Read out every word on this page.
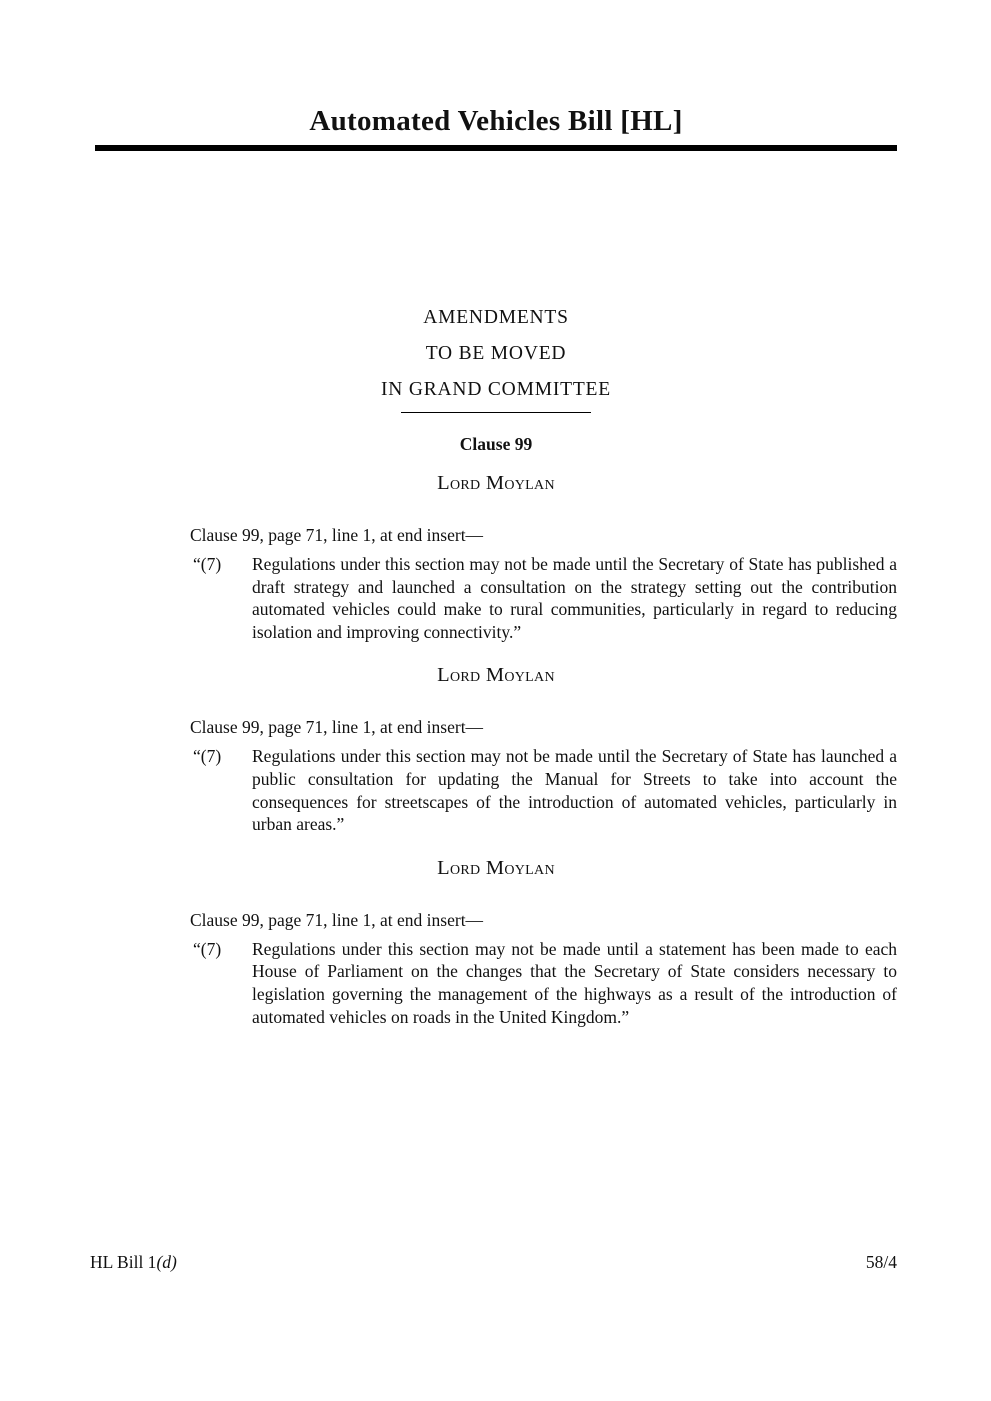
Automated Vehicles Bill [HL]
AMENDMENTS
TO BE MOVED
IN GRAND COMMITTEE
Clause 99
Lord Moylan
Clause 99, page 71, line 1, at end insert—
“(7) Regulations under this section may not be made until the Secretary of State has published a draft strategy and launched a consultation on the strategy setting out the contribution automated vehicles could make to rural communities, particularly in regard to reducing isolation and improving connectivity.”
Lord Moylan
Clause 99, page 71, line 1, at end insert—
“(7) Regulations under this section may not be made until the Secretary of State has launched a public consultation for updating the Manual for Streets to take into account the consequences for streetscapes of the introduction of automated vehicles, particularly in urban areas.”
Lord Moylan
Clause 99, page 71, line 1, at end insert—
“(7) Regulations under this section may not be made until a statement has been made to each House of Parliament on the changes that the Secretary of State considers necessary to legislation governing the management of the highways as a result of the introduction of automated vehicles on roads in the United Kingdom.”
HL Bill 1(d)	58/4
